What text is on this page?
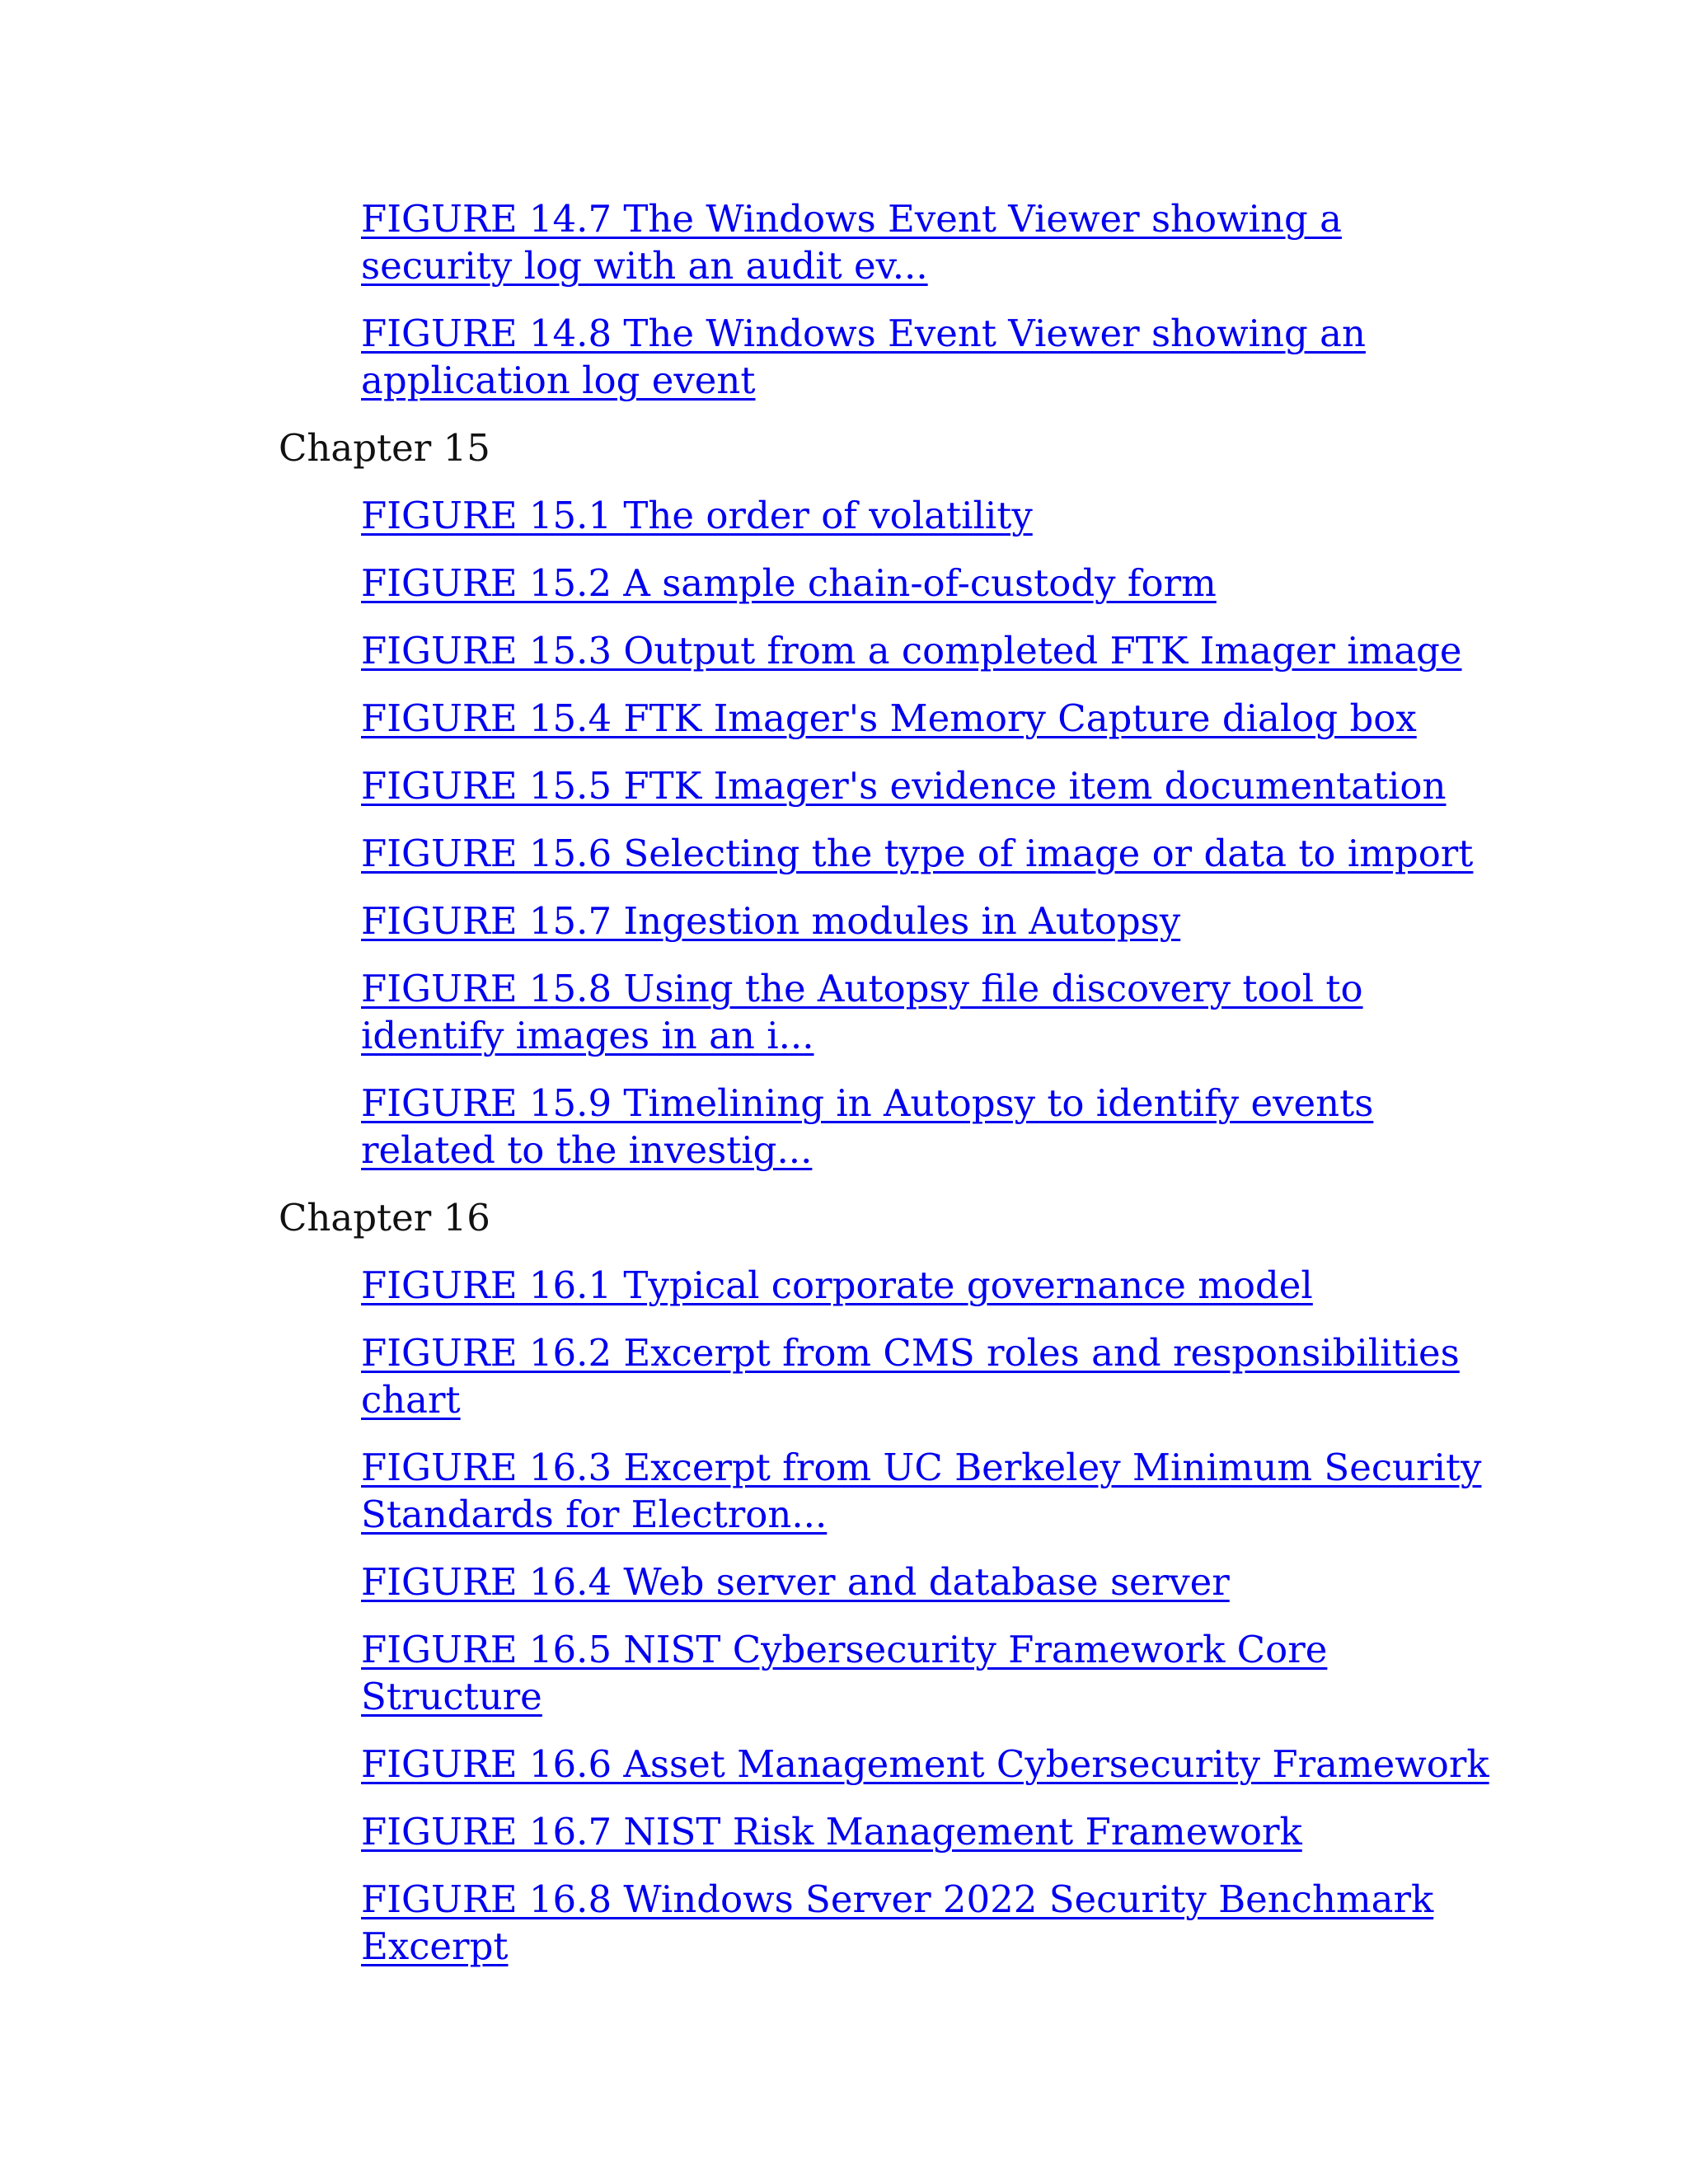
FIGURE 14.7 The Windows Event Viewer showing a security log with an audit ev...
FIGURE 14.8 The Windows Event Viewer showing an application log event
Chapter 15
FIGURE 15.1 The order of volatility
FIGURE 15.2 A sample chain-of-custody form
FIGURE 15.3 Output from a completed FTK Imager image
FIGURE 15.4 FTK Imager's Memory Capture dialog box
FIGURE 15.5 FTK Imager's evidence item documentation
FIGURE 15.6 Selecting the type of image or data to import
FIGURE 15.7 Ingestion modules in Autopsy
FIGURE 15.8 Using the Autopsy file discovery tool to identify images in an i...
FIGURE 15.9 Timelining in Autopsy to identify events related to the investig...
Chapter 16
FIGURE 16.1 Typical corporate governance model
FIGURE 16.2 Excerpt from CMS roles and responsibilities chart
FIGURE 16.3 Excerpt from UC Berkeley Minimum Security Standards for Electron...
FIGURE 16.4 Web server and database server
FIGURE 16.5 NIST Cybersecurity Framework Core Structure
FIGURE 16.6 Asset Management Cybersecurity Framework
FIGURE 16.7 NIST Risk Management Framework
FIGURE 16.8 Windows Server 2022 Security Benchmark Excerpt
